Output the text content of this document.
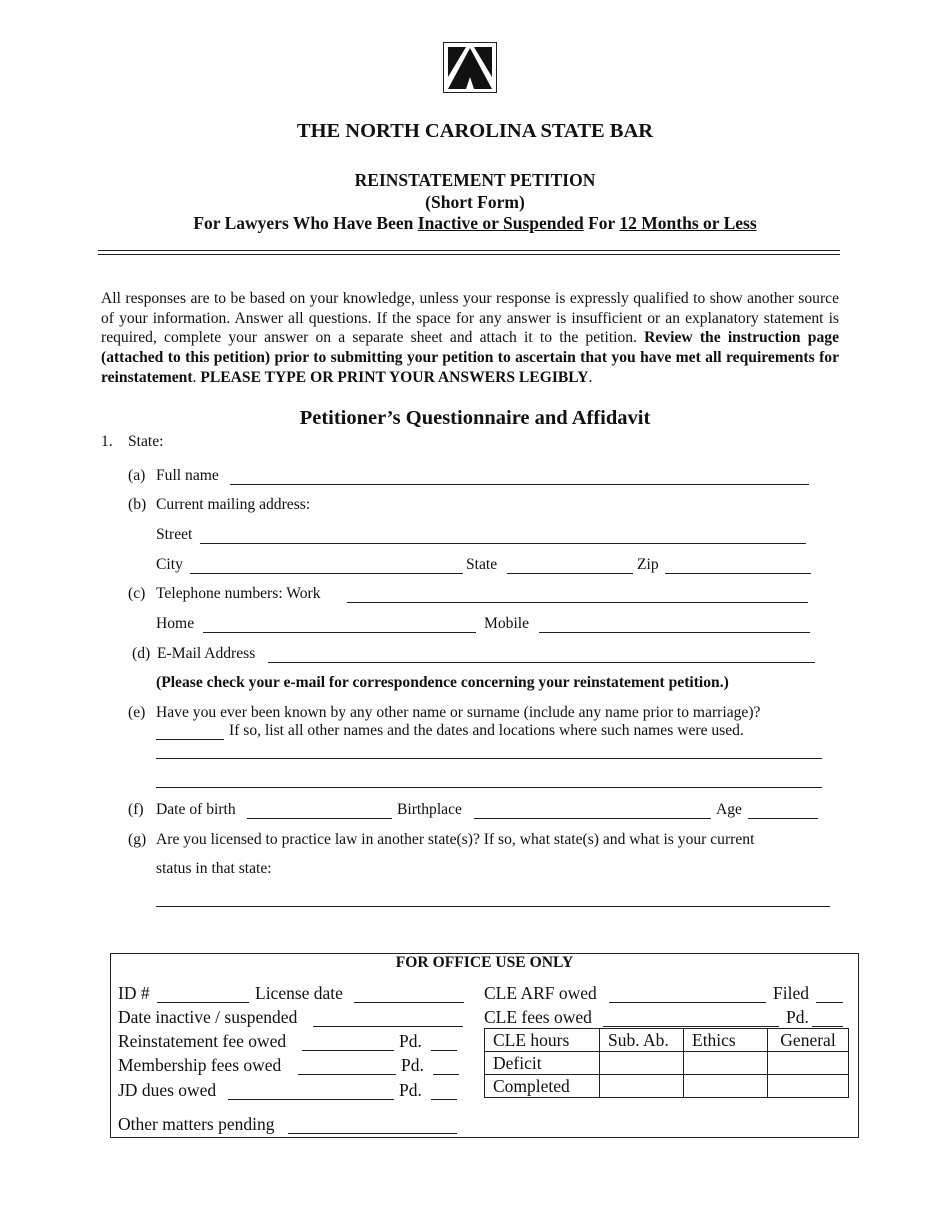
THE NORTH CAROLINA STATE BAR
REINSTATEMENT PETITION
(Short Form)
For Lawyers Who Have Been Inactive or Suspended For 12 Months or Less
All responses are to be based on your knowledge, unless your response is expressly qualified to show another source of your information. Answer all questions. If the space for any answer is insufficient or an explanatory statement is required, complete your answer on a separate sheet and attach it to the petition. Review the instruction page (attached to this petition) prior to submitting your petition to ascertain that you have met all requirements for reinstatement. PLEASE TYPE OR PRINT YOUR ANSWERS LEGIBLY.
Petitioner’s Questionnaire and Affidavit
1. State:
(a) Full name
(b) Current mailing address:
Street
City	State	Zip
(c) Telephone numbers: Work
Home	Mobile
(d) E-Mail Address
(Please check your e-mail for correspondence concerning your reinstatement petition.)
(e) Have you ever been known by any other name or surname (include any name prior to marriage)?
If so, list all other names and the dates and locations where such names were used.
(f) Date of birth	Birthplace	Age
(g) Are you licensed to practice law in another state(s)? If so, what state(s) and what is your current
status in that state:
FOR OFFICE USE ONLY
ID #	License date
Date inactive / suspended
Reinstatement fee owed	Pd.
Membership fees owed	Pd.
JD dues owed	Pd.
Other matters pending
CLE ARF owed	Filed
CLE fees owed	Pd.
CLE hours	Sub. Ab.	Ethics	General
Deficit			
Completed			
